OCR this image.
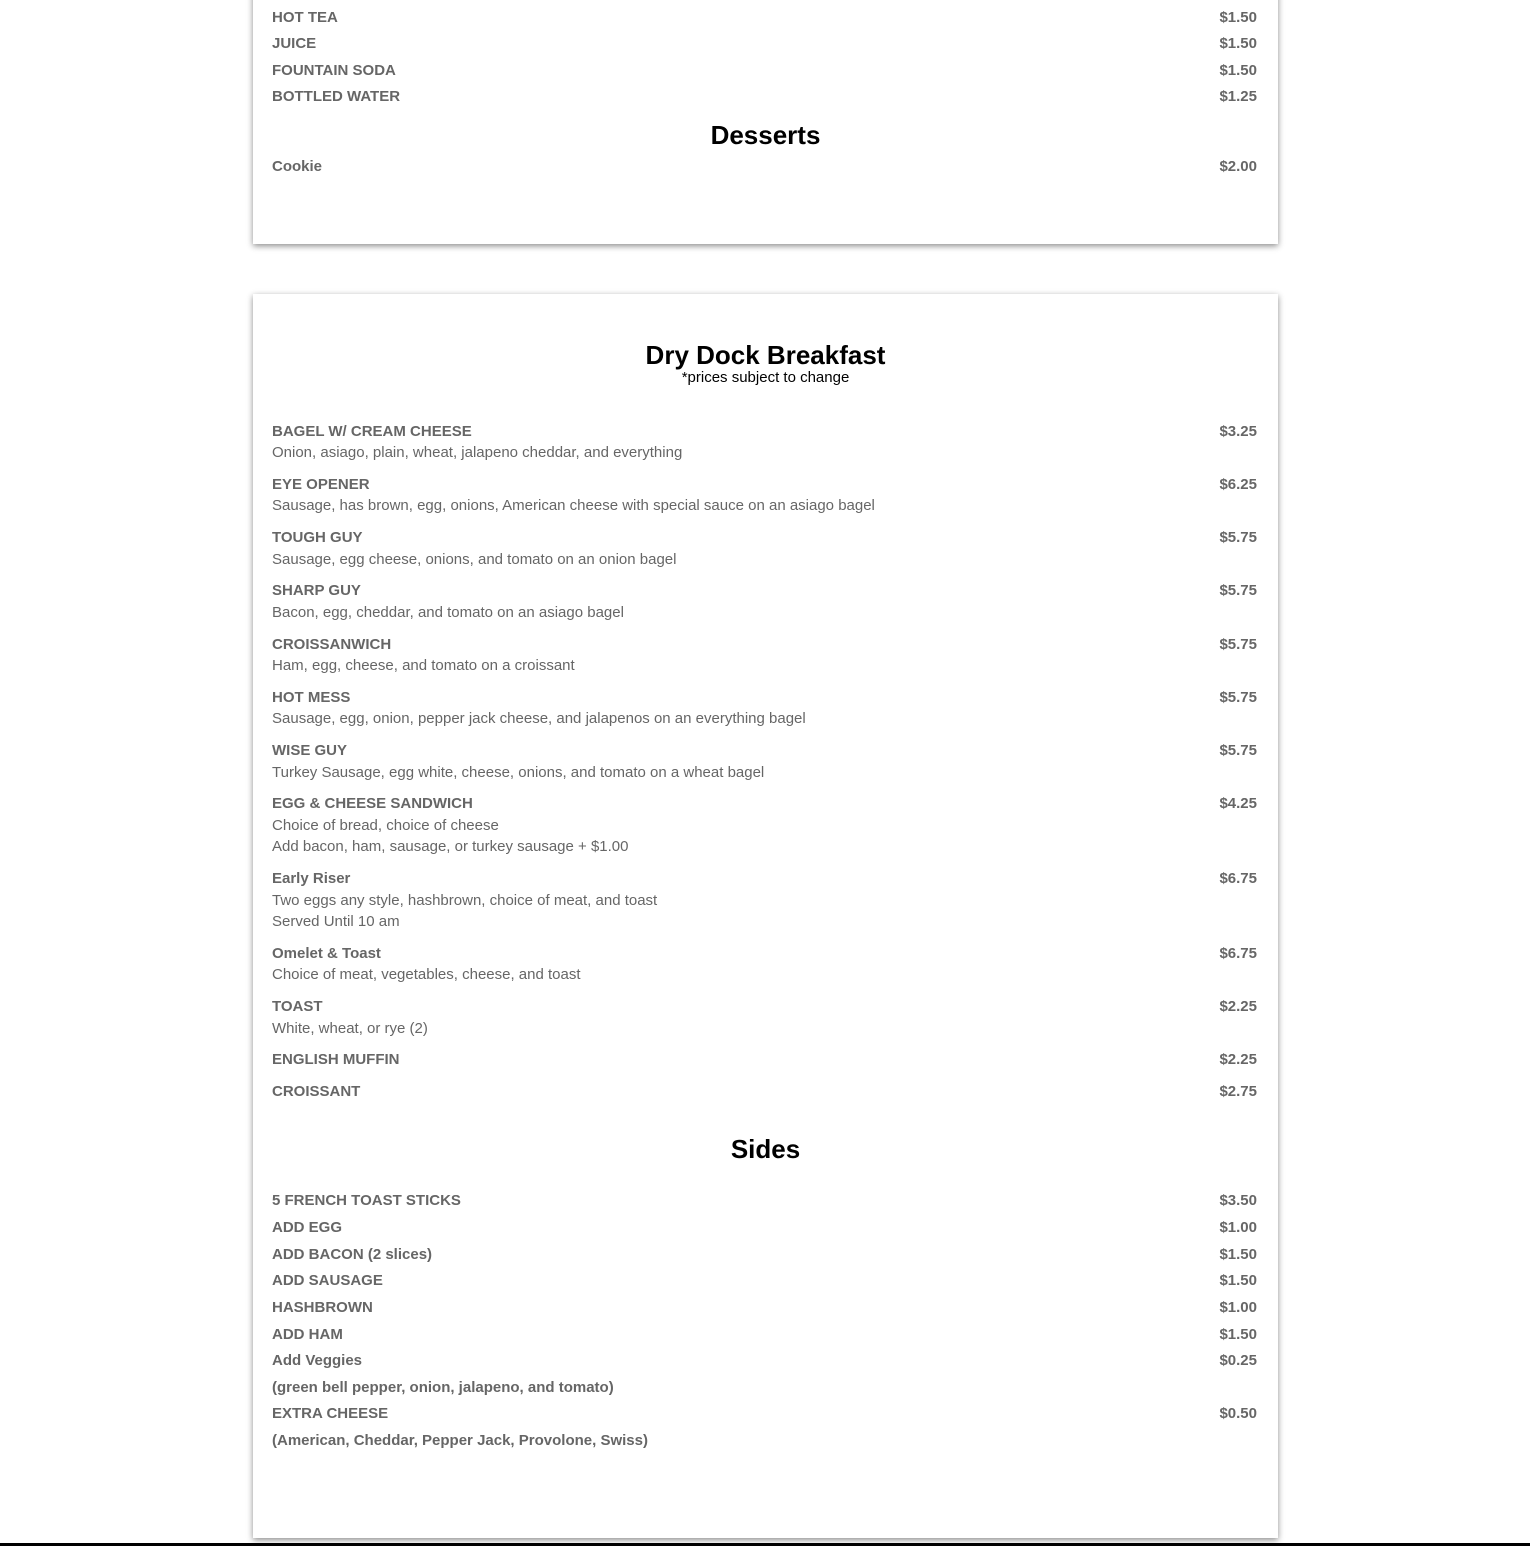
HOT TEA	$1.50
JUICE	$1.50
FOUNTAIN SODA	$1.50
BOTTLED WATER	$1.25
Desserts
Cookie	$2.00
Dry Dock Breakfast
*prices subject to change
BAGEL W/ CREAM CHEESE	$3.25
Onion, asiago, plain, wheat, jalapeno cheddar, and everything
EYE OPENER	$6.25
Sausage, has brown, egg, onions, American cheese with special sauce on an asiago bagel
TOUGH GUY	$5.75
Sausage, egg cheese, onions, and tomato on an onion bagel
SHARP GUY	$5.75
Bacon, egg, cheddar, and tomato on an asiago bagel
CROISSANWICH	$5.75
Ham, egg, cheese, and tomato on a croissant
HOT MESS	$5.75
Sausage, egg, onion, pepper jack cheese, and jalapenos on an everything bagel
WISE GUY	$5.75
Turkey Sausage, egg white, cheese, onions, and tomato on a wheat bagel
EGG & CHEESE SANDWICH	$4.25
Choice of bread, choice of cheese
Add bacon, ham, sausage, or turkey sausage + $1.00
Early Riser	$6.75
Two eggs any style, hashbrown, choice of meat, and toast
Served Until 10 am
Omelet & Toast	$6.75
Choice of meat, vegetables, cheese, and toast
TOAST	$2.25
White, wheat, or rye (2)
ENGLISH MUFFIN	$2.25
CROISSANT	$2.75
Sides
5 FRENCH TOAST STICKS	$3.50
ADD EGG	$1.00
ADD BACON (2 slices)	$1.50
ADD SAUSAGE	$1.50
HASHBROWN	$1.00
ADD HAM	$1.50
Add Veggies	$0.25
(green bell pepper, onion, jalapeno, and tomato)
EXTRA CHEESE	$0.50
(American, Cheddar, Pepper Jack, Provolone, Swiss)
